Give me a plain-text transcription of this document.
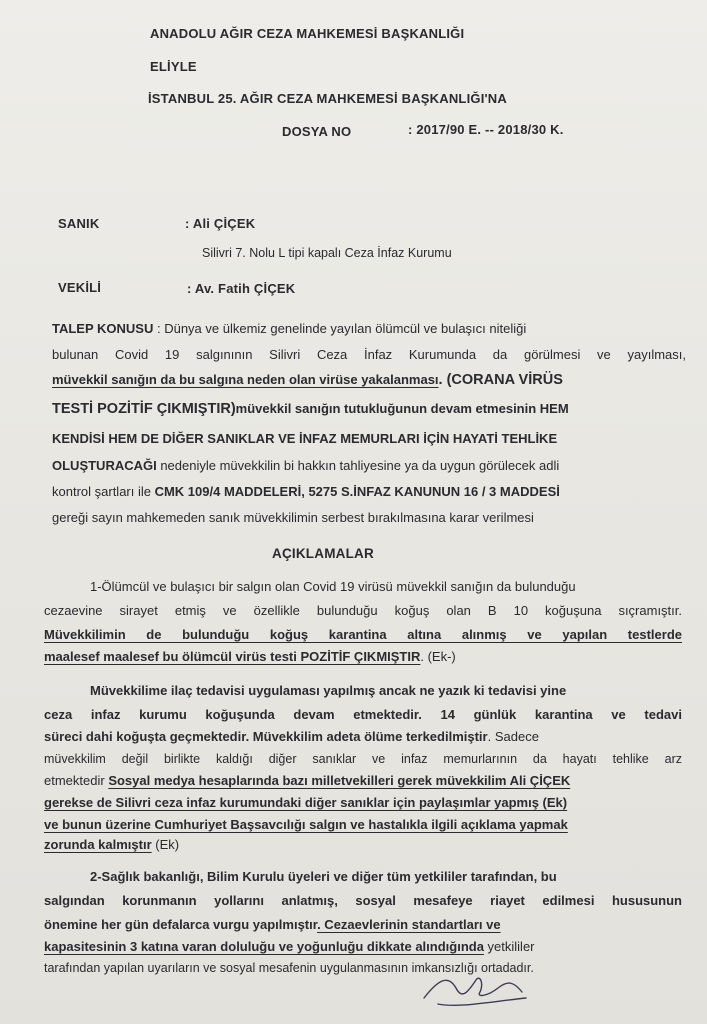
ANADOLU AĞIR CEZA MAHKEMESİ BAŞKANLIĞI
ELİYLE
İSTANBUL 25. AĞIR CEZA MAHKEMESİ BAŞKANLIĞI'NA
DOSYA NO	: 2017/90 E. -- 2018/30 K.
SANIK	: Ali ÇİÇEK
Silivri 7. Nolu L tipi kapalı Ceza İnfaz Kurumu
VEKİLİ	: Av. Fatih ÇİÇEK
TALEP KONUSU : Dünya ve ülkemiz genelinde yayılan ölümcül ve bulaşıcı niteliği
bulunan Covid 19 salgınının Silivri Ceza İnfaz Kurumunda da görülmesi ve yayılması,
müvekkil sanığın da bu salgına neden olan virüse yakalanması. (CORANA VİRÜS
TESTİ POZİTİF ÇIKMIŞTIR)müvekkil sanığın tutukluğunun devam etmesinin HEM
KENDİSİ HEM DE DİĞER SANIKLAR VE İNFAZ MEMURLARI İÇİN HAYATİ TEHLİKE
OLUŞTURACAĞI nedeniyle müvekkilin bi hakkın tahliyesine ya da uygun görülecek adli
kontrol şartları ile CMK 109/4 MADDELERİ, 5275 S.İNFAZ KANUNUN 16 / 3 MADDESİ
gereği sayın mahkemeden sanık müvekkilimin serbest bırakılmasına karar verilmesi
AÇIKLAMALAR
1-Ölümcül ve bulaşıcı bir salgın olan Covid 19 virüsü müvekkil sanığın da bulunduğu
cezaevine sirayet etmiş ve özellikle bulunduğu koğuş olan B 10 koğuşuna sıçramıştır.
Müvekkilimin de bulunduğu koğuş karantina altına alınmış ve yapılan testlerde
maalesef maalesef bu ölümcül virüs testi POZİTİF ÇIKMIŞTIR. (Ek-)
Müvekkilime ilaç tedavisi uygulaması yapılmış ancak ne yazık ki tedavisi yine
ceza infaz kurumu koğuşunda devam etmektedir. 14 günlük karantina ve tedavi
süreci dahi koğuşta geçmektedir. Müvekkilim adeta ölüme terkedilmiştir. Sadece
müvekkilim değil birlikte kaldığı diğer sanıklar ve infaz memurlarının da hayatı tehlike arz
etmektedir Sosyal medya hesaplarında bazı milletvekilleri gerek müvekkilim Ali ÇİÇEK
gerekse de Silivri ceza infaz kurumundaki diğer sanıklar için paylaşımlar yapmış (Ek)
ve bunun üzerine Cumhuriyet Başsavcılığı salgın ve hastalıkla ilgili açıklama yapmak
zorunda kalmıştır (Ek)
2-Sağlık bakanlığı, Bilim Kurulu üyeleri ve diğer tüm yetkililer tarafından, bu
salgından korunmanın yollarını anlatmış, sosyal mesafeye riayet edilmesi hususunun
önemine her gün defalarca vurgu yapılmıştır. Cezaevlerinin standartları ve
kapasitesinin 3 katına varan doluluğu ve yoğunluğu dikkate alındığında yetkililer
tarafından yapılan uyarıların ve sosyal mesafenin uygulanmasının imkansızlığı ortadadır.
